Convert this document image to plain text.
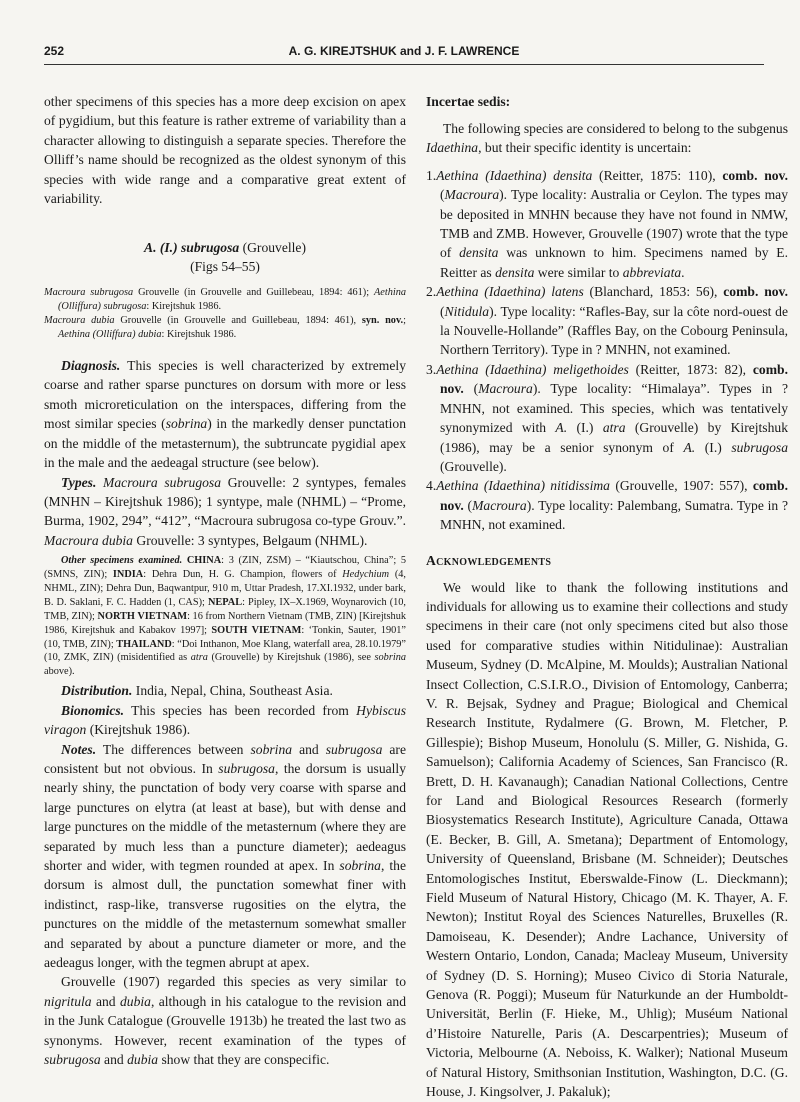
252	A. G. KIREJTSHUK and J. F. LAWRENCE

other specimens of this species has a more deep excision on apex of pygidium, but this feature is rather extreme of variability than a character allowing to distinguish a separate species. Therefore the Olliff’s name should be recognized as the oldest synonym of this species with wide range and a comparative great extent of variability.

A. (I.) subrugosa (Grouvelle)
(Figs 54–55)

Macroura subrugosa Grouvelle (in Grouvelle and Guillebeau, 1894: 461); Aethina (Olliffura) subrugosa: Kirejtshuk 1986.

Macroura dubia Grouvelle (in Grouvelle and Guillebeau, 1894: 461), syn. nov.; Aethina (Olliffura) dubia: Kirejtshuk 1986.

Diagnosis. This species is well characterized by extremely coarse and rather sparse punctures on dorsum with more or less smoth microreticulation on the interspaces, differing from the most similar species (sobrina) in the markedly denser punctation on the middle of the metasternum), the subtruncate pygidial apex in the male and the aedeagal structure (see below).

Types. Macroura subrugosa Grouvelle: 2 syntypes, females (MNHN – Kirejtshuk 1986); 1 syntype, male (NHML) – “Prome, Burma, 1902, 294”, “412”, “Macroura subrugosa co-type Grouv.”. Macroura dubia Grouvelle: 3 syntypes, Belgaum (NHML).

Other specimens examined. CHINA: 3 (ZIN, ZSM) – “Kiautschou, China”; 5 (SMNS, ZIN); INDIA: Dehra Dun, H. G. Champion, flowers of Hedychium (4, NHML, ZIN); Dehra Dun, Baqwantpur, 910 m, Uttar Pradesh, 17.XI.1932, under bark, B. D. Saklani, F. C. Hadden (1, CAS); NEPAL: Pipley, IX–X.1969, Woynarovich (10, TMB, ZIN); NORTH VIETNAM: 16 from Northern Vietnam (TMB, ZIN) [Kirejtshuk 1986, Kirejtshuk and Kabakov 1997]; SOUTH VIETNAM: ‘Tonkin, Sauter, 1901” (10, TMB, ZIN); THAILAND: “Doi Inthanon, Moe Klang, waterfall area, 28.10.1979” (10, ZMK, ZIN) (misidentified as atra (Grouvelle) by Kirejtshuk (1986), see sobrina above).

Distribution. India, Nepal, China, Southeast Asia.

Bionomics. This species has been recorded from Hybiscus viragon (Kirejtshuk 1986).

Notes. The differences between sobrina and subrugosa are consistent but not obvious. In subrugosa, the dorsum is usually nearly shiny, the punctation of body very coarse with sparse and large punctures on elytra (at least at base), but with dense and large punctures on the middle of the metasternum (where they are separated by much less than a puncture diameter); aedeagus shorter and wider, with tegmen rounded at apex. In sobrina, the dorsum is almost dull, the punctation somewhat finer with indistinct, rasp-like, transverse rugosities on the elytra, the punctures on the middle of the metasternum somewhat smaller and separated by about a puncture diameter or more, and the aedeagus longer, with the tegmen abrupt at apex.

Grouvelle (1907) regarded this species as very similar to nigritula and dubia, although in his catalogue to the revision and in the Junk Catalogue (Grouvelle 1913b) he treated the last two as synonyms. However, recent examination of the types of subrugosa and dubia show that they are conspecific.

Incertae sedis:

The following species are considered to belong to the subgenus Idaethina, but their specific identity is uncertain:

1.Aethina (Idaethina) densita (Reitter, 1875: 110), comb. nov. (Macroura). Type locality: Australia or Ceylon. The types may be deposited in MNHN because they have not found in NMW, TMB and ZMB. However, Grouvelle (1907) wrote that the type of densita was unknown to him. Specimens named by E. Reitter as densita were similar to abbreviata.

2.Aethina (Idaethina) latens (Blanchard, 1853: 56), comb. nov. (Nitidula). Type locality: “Rafles-Bay, sur la côte nord-ouest de la Nouvelle-Hollande” (Raffles Bay, on the Cobourg Peninsula, Northern Territory). Type in ? MNHN, not examined.

3.Aethina (Idaethina) meligethoides (Reitter, 1873: 82), comb. nov. (Macroura). Type locality: “Himalaya”. Types in ? MNHN, not examined. This species, which was tentatively synonymized with A. (I.) atra (Grouvelle) by Kirejtshuk (1986), may be a senior synonym of A. (I.) subrugosa (Grouvelle).

4.Aethina (Idaethina) nitidissima (Grouvelle, 1907: 557), comb. nov. (Macroura). Type locality: Palembang, Sumatra. Type in ? MNHN, not examined.

Acknowledgements

We would like to thank the following institutions and individuals for allowing us to examine their collections and study specimens in their care (not only specimens cited but also those used for comparative studies within Nitidulinae): Australian Museum, Sydney (D. McAlpine, M. Moulds); Australian National Insect Collection, C.S.I.R.O., Division of Entomology, Canberra; V. R. Bejsak, Sydney and Prague; Biological and Chemical Research Institute, Rydalmere (G. Brown, M. Fletcher, P. Gillespie); Bishop Museum, Honolulu (S. Miller, G. Nishida, G. Samuelson); California Academy of Sciences, San Francisco (R. Brett, D. H. Kavanaugh); Canadian National Collections, Centre for Land and Biological Resources Research (formerly Biosystematics Research Institute), Agriculture Canada, Ottawa (E. Becker, B. Gill, A. Smetana); Department of Entomology, University of Queensland, Brisbane (M. Schneider); Deutsches Entomologisches Institut, Eberswalde-Finow (L. Dieckmann); Field Museum of Natural History, Chicago (M. K. Thayer, A. F. Newton); Institut Royal des Sciences Naturelles, Bruxelles (R. Damoiseau, K. Desender); Andre Lachance, University of Western Ontario, London, Canada; Macleay Museum, University of Sydney (D. S. Horning); Museo Civico di Storia Naturale, Genova (R. Poggi); Museum für Naturkunde an der Humboldt-Universität, Berlin (F. Hieke, M., Uhlig); Muséum National d’Histoire Naturelle, Paris (A. Descarpentries); Museum of Victoria, Melbourne (A. Neboiss, K. Walker); National Museum of Natural History, Smithsonian Institution, Washington, D.C. (G. House, J. Kingsolver, J. Pakaluk);
